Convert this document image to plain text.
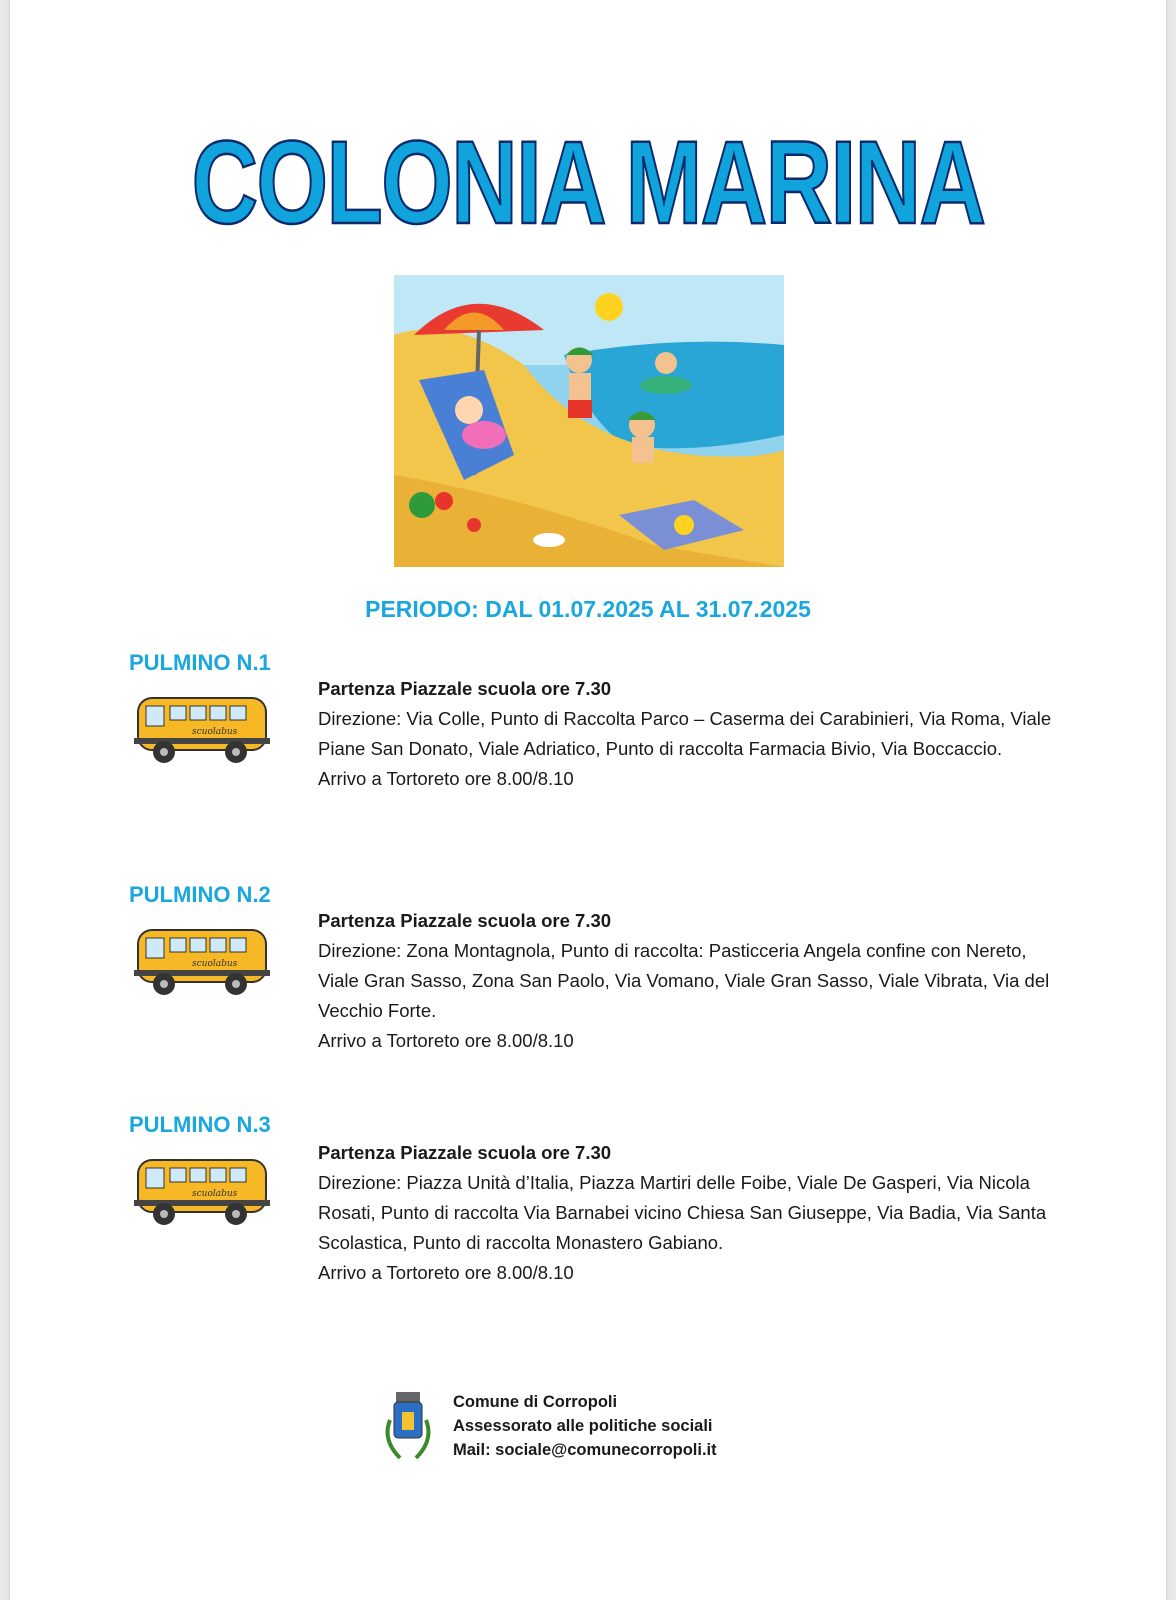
COLONIA MARINA
PERIODO: DAL 01.07.2025 AL 31.07.2025
PULMINO N.1
scuolabus

Partenza Piazzale scuola ore 7.30

Direzione: Via Colle, Punto di Raccolta Parco – Caserma dei Carabinieri, Via Roma, Viale Piane San Donato, Viale Adriatico, Punto di raccolta Farmacia Bivio, Via Boccaccio.

Arrivo a Tortoreto ore 8.00/8.10

PULMINO N.2
scuolabus

Partenza Piazzale scuola ore 7.30

Direzione: Zona Montagnola, Punto di raccolta: Pasticceria Angela confine con Nereto, Viale Gran Sasso, Zona San Paolo, Via Vomano, Viale Gran Sasso, Viale Vibrata, Via del Vecchio Forte.

Arrivo a Tortoreto ore 8.00/8.10

PULMINO N.3
scuolabus

Partenza Piazzale scuola ore 7.30

Direzione: Piazza Unità d’Italia, Piazza Martiri delle Foibe, Viale De Gasperi, Via Nicola Rosati, Punto di raccolta Via Barnabei vicino Chiesa San Giuseppe, Via Badia, Via Santa Scolastica, Punto di raccolta Monastero Gabiano.

Arrivo a Tortoreto ore 8.00/8.10

Comune di Corropoli
Assessorato alle politiche sociali
Mail: sociale@comunecorropoli.it
